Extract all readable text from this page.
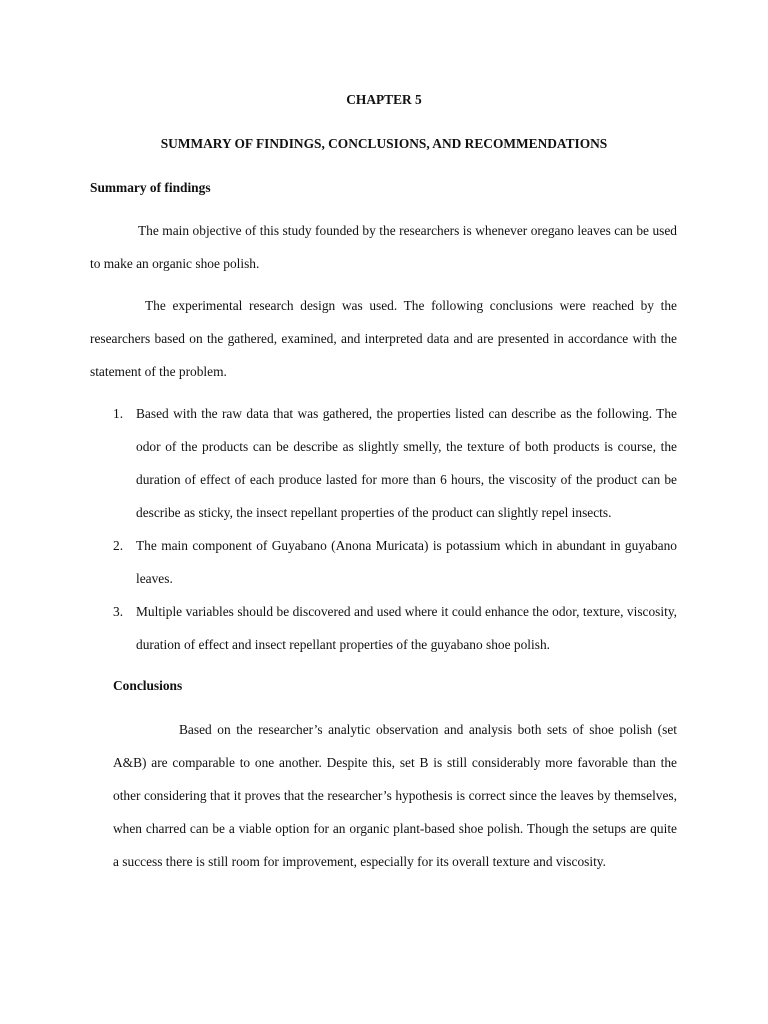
CHAPTER 5
SUMMARY OF FINDINGS, CONCLUSIONS, AND RECOMMENDATIONS
Summary of findings
The main objective of this study founded by the researchers is whenever oregano leaves can be used to make an organic shoe polish.
The experimental research design was used. The following conclusions were reached by the researchers based on the gathered, examined, and interpreted data and are presented in accordance with the statement of the problem.
1. Based with the raw data that was gathered, the properties listed can describe as the following. The odor of the products can be describe as slightly smelly, the texture of both products is course, the duration of effect of each produce lasted for more than 6 hours, the viscosity of the product can be describe as sticky, the insect repellant properties of the product can slightly repel insects.
2. The main component of Guyabano (Anona Muricata) is potassium which in abundant in guyabano leaves.
3. Multiple variables should be discovered and used where it could enhance the odor, texture, viscosity, duration of effect and insect repellant properties of the guyabano shoe polish.
Conclusions
Based on the researcher’s analytic observation and analysis both sets of shoe polish (set A&B) are comparable to one another. Despite this, set B is still considerably more favorable than the other considering that it proves that the researcher’s hypothesis is correct since the leaves by themselves, when charred can be a viable option for an organic plant-based shoe polish. Though the setups are quite a success there is still room for improvement, especially for its overall texture and viscosity.
